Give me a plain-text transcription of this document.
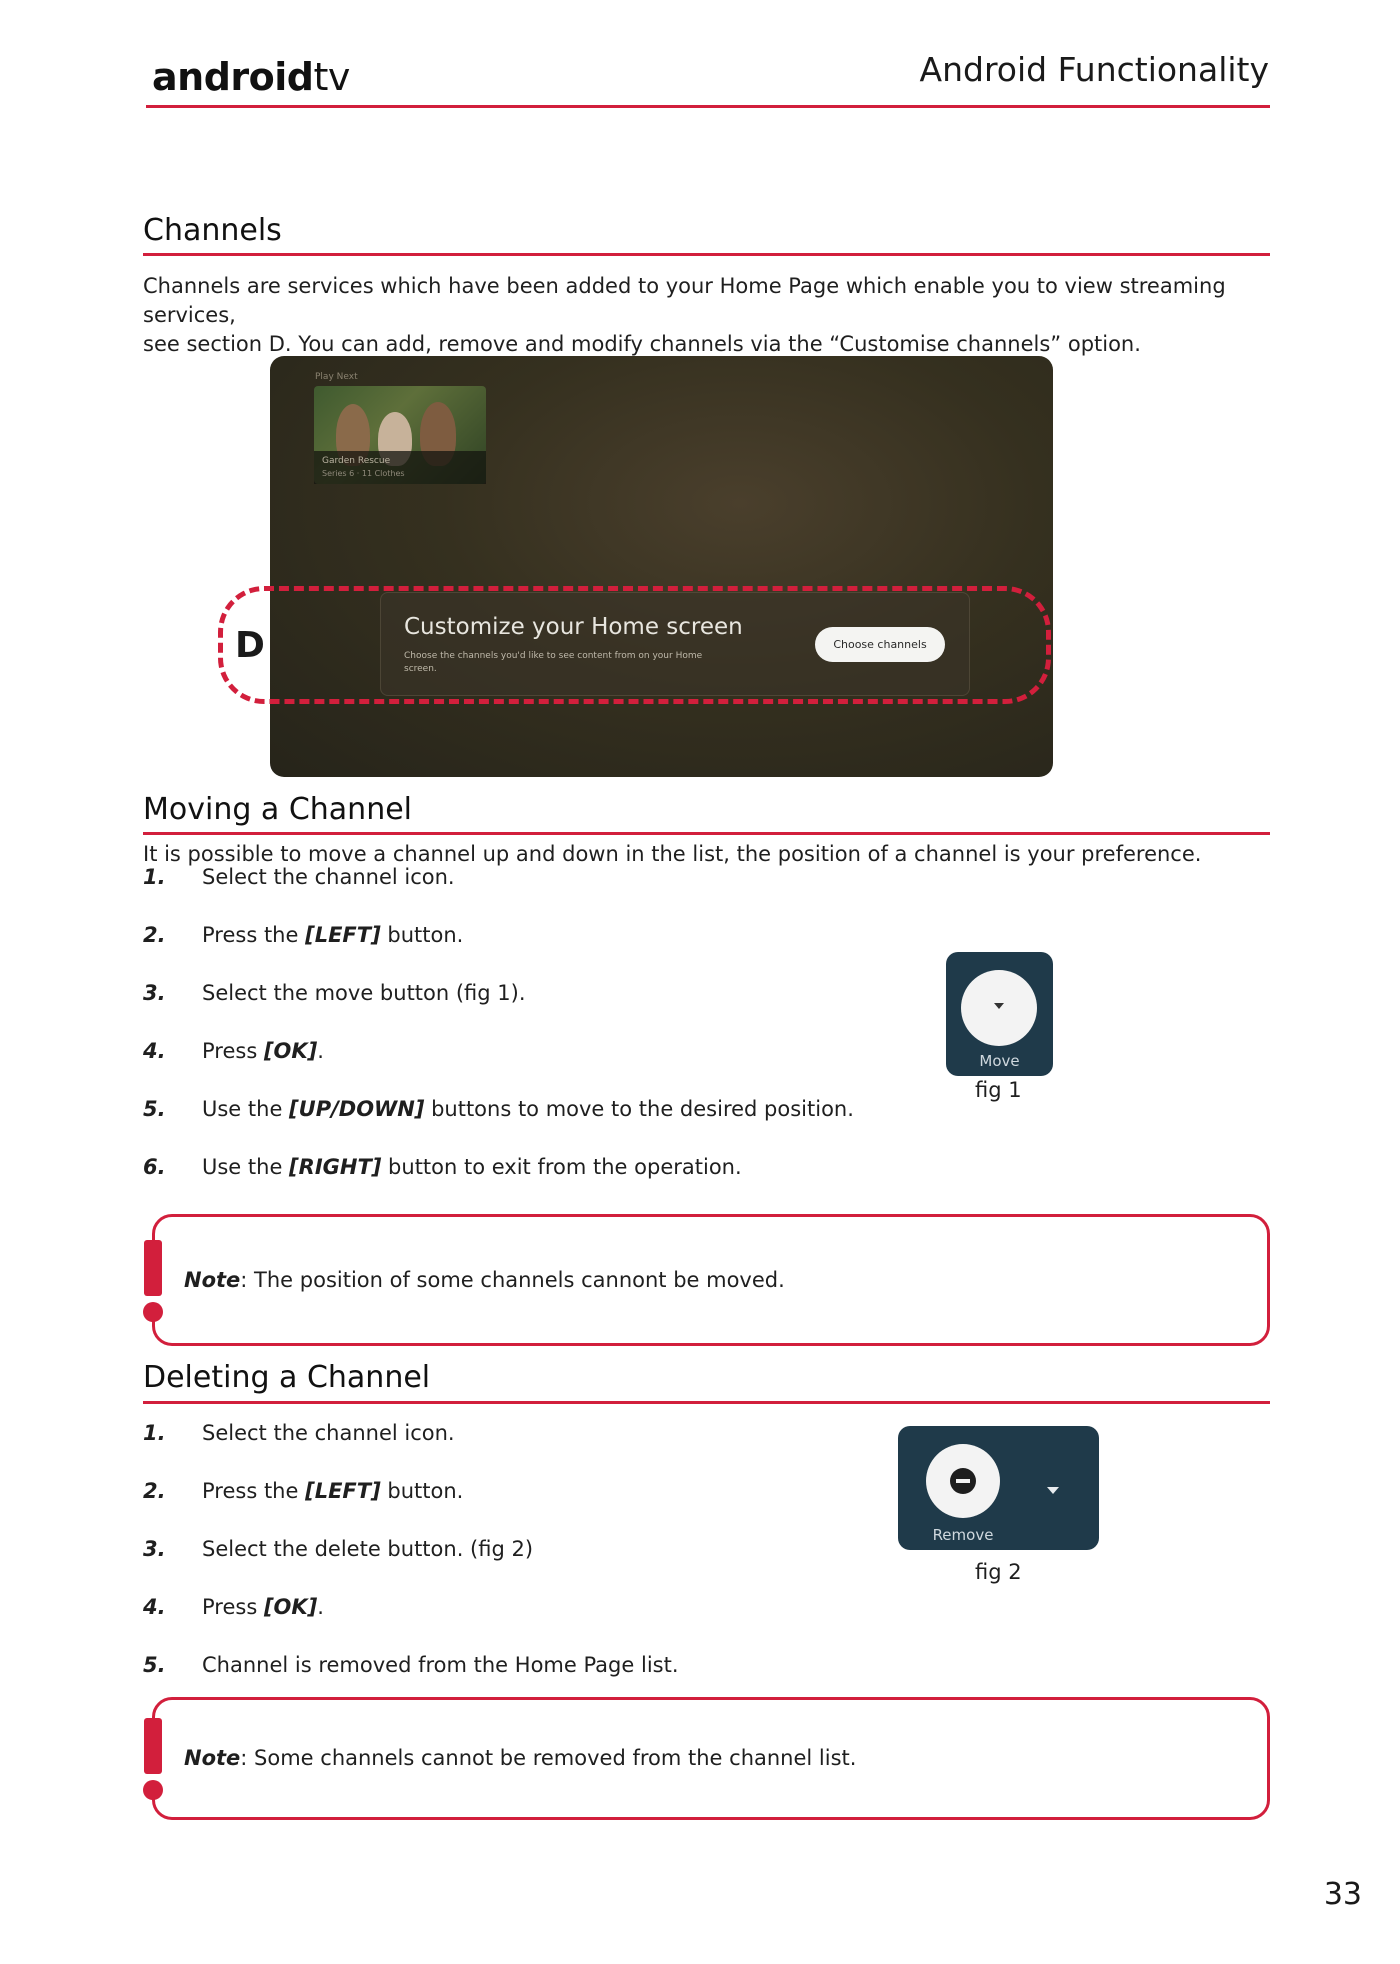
androidtv	Android Functionality
Channels
Channels are services which have been added to your Home Page which enable you to view streaming services,
see section D. You can add, remove and modify channels via the “Customise channels” option.
Play Next
Garden Rescue
Series 6 · 11 Clothes
Customize your Home screen
Choose the channels you'd like to see content from on your Home screen.
Choose channels
D
Moving a Channel
It is possible to move a channel up and down in the list, the position of a channel is your preference.
1. Select the channel icon.
2. Press the [LEFT] button.
3. Select the move button (fig 1).
4. Press [OK].
5. Use the [UP/DOWN] buttons to move to the desired position.
6. Use the [RIGHT] button to exit from the operation.
Move
fig 1
Note: The position of some channels cannont be moved.
Deleting a Channel
1. Select the channel icon.
2. Press the [LEFT] button.
3. Select the delete button. (fig 2)
4. Press [OK].
5. Channel is removed from the Home Page list.
Remove
fig 2
Note: Some channels cannot be removed from the channel list.
33
